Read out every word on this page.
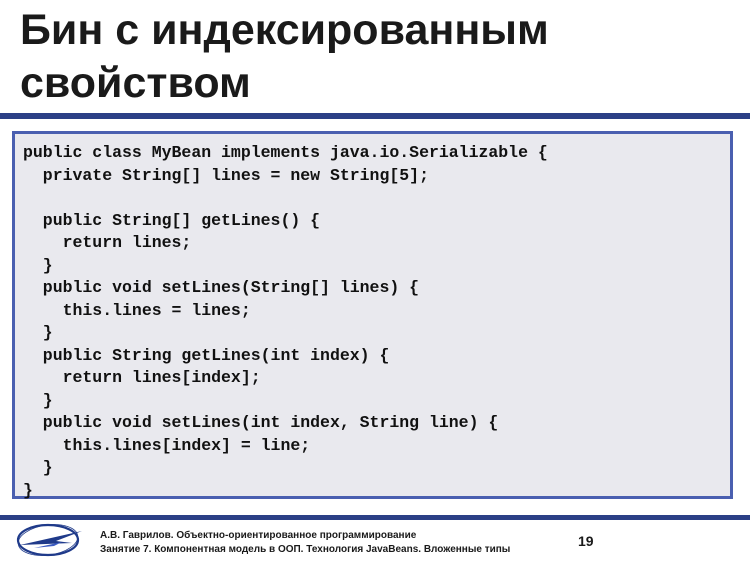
Бин с индексированным
свойством
public class MyBean implements java.io.Serializable {
private String[] lines = new String[5];

public String[] getLines() {
return lines;
}
public void setLines(String[] lines) {
this.lines = lines;
}
public String getLines(int index) {
return lines[index];
}
public void setLines(int index, String line) {
this.lines[index] = line;
}
}
А.В. Гаврилов. Объектно-ориентированное программирование
Занятие 7. Компонентная модель в ООП. Технология JavaBeans. Вложенные типы
19
